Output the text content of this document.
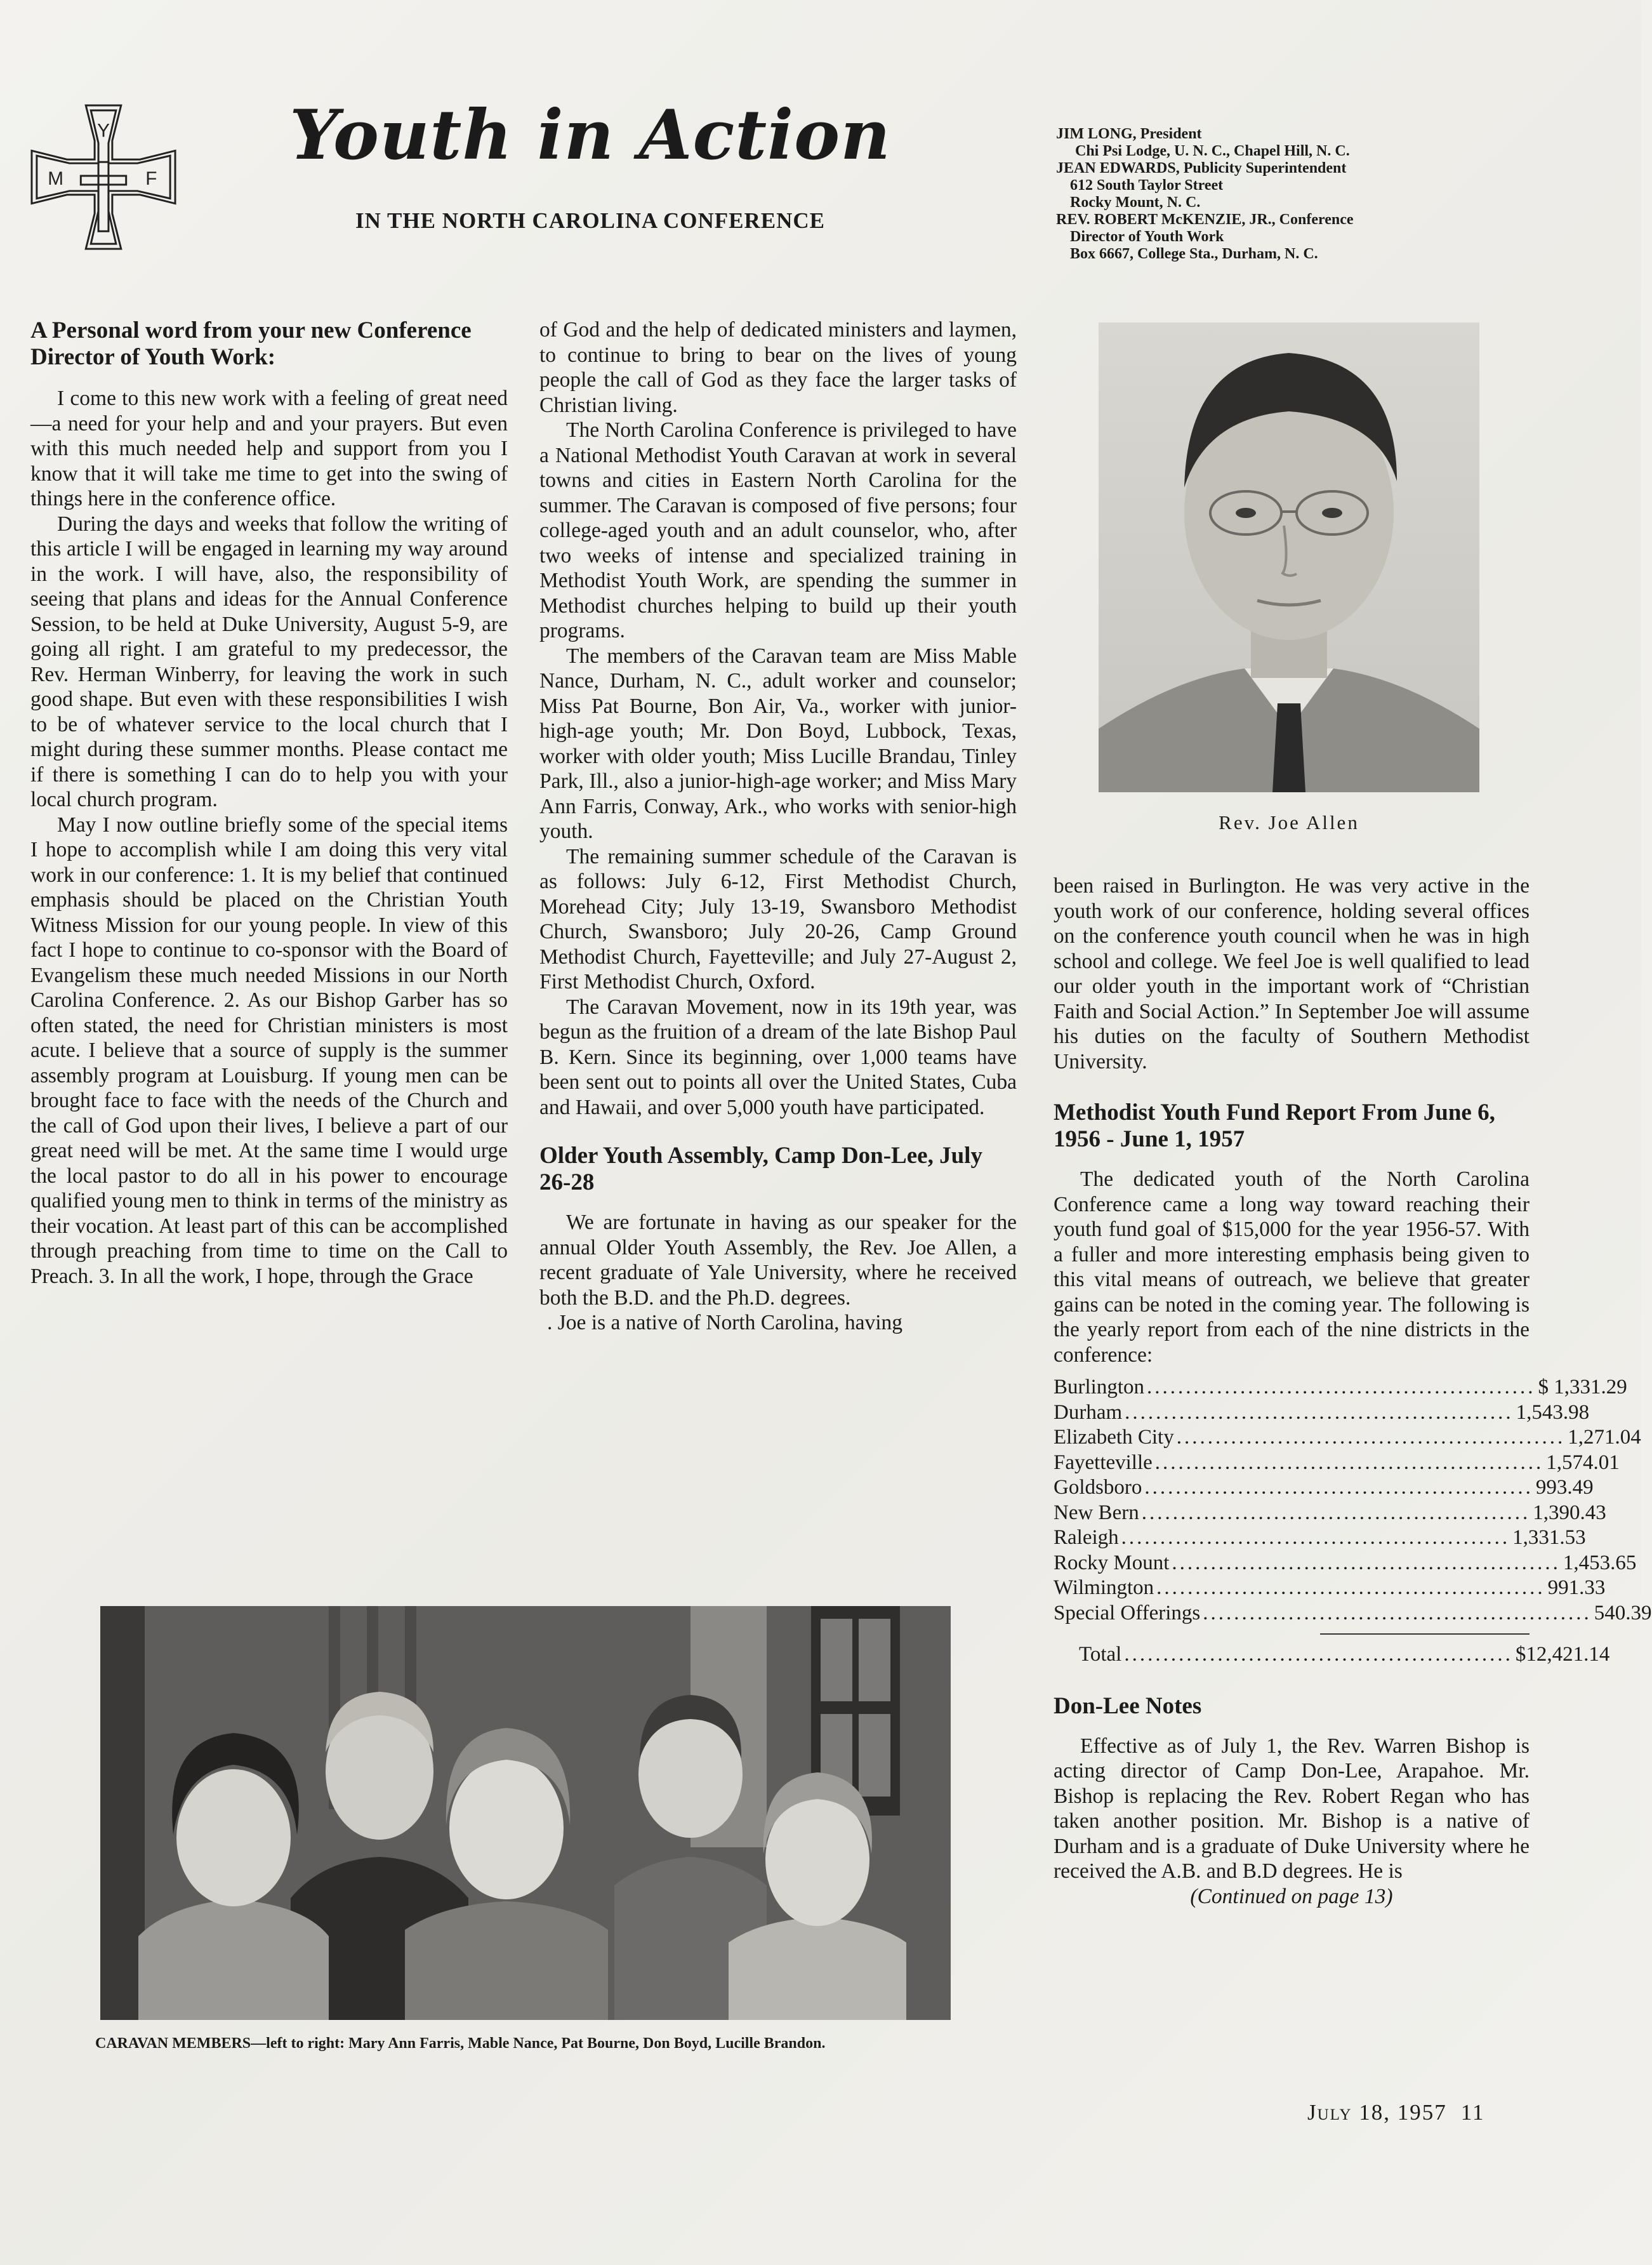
Y
M	F
Youth in Action
IN THE NORTH CAROLINA CONFERENCE
JIM LONG, President
Chi Psi Lodge, U. N. C., Chapel Hill, N. C.
JEAN EDWARDS, Publicity Superintendent
612 South Taylor Street
Rocky Mount, N. C.
REV. ROBERT McKENZIE, JR., Conference
Director of Youth Work
Box 6667, College Sta., Durham, N. C.
A Personal word from your new Conference Director of Youth Work:

I come to this new work with a feeling of great need—a need for your help and and your prayers. But even with this much needed help and support from you I know that it will take me time to get into the swing of things here in the conference office.

During the days and weeks that follow the writing of this article I will be engaged in learning my way around in the work. I will have, also, the responsibility of seeing that plans and ideas for the Annual Conference Session, to be held at Duke University, August 5-9, are going all right. I am grateful to my predecessor, the Rev. Herman Winberry, for leaving the work in such good shape. But even with these responsibilities I wish to be of whatever service to the local church that I might during these summer months. Please contact me if there is something I can do to help you with your local church program.

May I now outline briefly some of the special items I hope to accomplish while I am doing this very vital work in our conference: 1. It is my belief that continued emphasis should be placed on the Christian Youth Witness Mission for our young people. In view of this fact I hope to continue to co-sponsor with the Board of Evangelism these much needed Missions in our North Carolina Conference. 2. As our Bishop Garber has so often stated, the need for Christian ministers is most acute. I believe that a source of supply is the summer assembly program at Louisburg. If young men can be brought face to face with the needs of the Church and the call of God upon their lives, I believe a part of our great need will be met. At the same time I would urge the local pastor to do all in his power to encourage qualified young men to think in terms of the ministry as their vocation. At least part of this can be accomplished through preaching from time to time on the Call to Preach. 3. In all the work, I hope, through the Grace

of God and the help of dedicated ministers and laymen, to continue to bring to bear on the lives of young people the call of God as they face the larger tasks of Christian living.

The North Carolina Conference is privileged to have a National Methodist Youth Caravan at work in several towns and cities in Eastern North Carolina for the summer. The Caravan is composed of five persons; four college-aged youth and an adult counselor, who, after two weeks of intense and specialized training in Methodist Youth Work, are spending the summer in Methodist churches helping to build up their youth programs.

The members of the Caravan team are Miss Mable Nance, Durham, N. C., adult worker and counselor; Miss Pat Bourne, Bon Air, Va., worker with junior-high-age youth; Mr. Don Boyd, Lubbock, Texas, worker with older youth; Miss Lucille Brandau, Tinley Park, Ill., also a junior-high-age worker; and Miss Mary Ann Farris, Conway, Ark., who works with senior-high youth.

The remaining summer schedule of the Caravan is as follows: July 6-12, First Methodist Church, Morehead City; July 13-19, Swansboro Methodist Church, Swansboro; July 20-26, Camp Ground Methodist Church, Fayetteville; and July 27-August 2, First Methodist Church, Oxford.

The Caravan Movement, now in its 19th year, was begun as the fruition of a dream of the late Bishop Paul B. Kern. Since its beginning, over 1,000 teams have been sent out to points all over the United States, Cuba and Hawaii, and over 5,000 youth have participated.

Older Youth Assembly, Camp Don-Lee, July 26-28

We are fortunate in having as our speaker for the annual Older Youth Assembly, the Rev. Joe Allen, a recent graduate of Yale University, where he received both the B.D. and the Ph.D. degrees.

. Joe is a native of North Carolina, having

Rev. Joe Allen

been raised in Burlington. He was very active in the youth work of our conference, holding several offices on the conference youth council when he was in high school and college. We feel Joe is well qualified to lead our older youth in the important work of “Christian Faith and Social Action.” In September Joe will assume his duties on the faculty of Southern Methodist University.

Methodist Youth Fund Report From June 6, 1956 - June 1, 1957

The dedicated youth of the North Carolina Conference came a long way toward reaching their youth fund goal of $15,000 for the year 1956-57. With a fuller and more interesting emphasis being given to this vital means of outreach, we believe that greater gains can be noted in the coming year. The following is the yearly report from each of the nine districts in the conference:

Burlington .................................................. $ 1,331.29
Durham .................................................. 1,543.98
Elizabeth City .................................................. 1,271.04
Fayetteville .................................................. 1,574.01
Goldsboro .................................................. 993.49
New Bern .................................................. 1,390.43
Raleigh .................................................. 1,331.53
Rocky Mount .................................................. 1,453.65
Wilmington .................................................. 991.33
Special Offerings .................................................. 540.39
Total .................................................. $12,421.14
Don-Lee Notes

Effective as of July 1, the Rev. Warren Bishop is acting director of Camp Don-Lee, Arapahoe. Mr. Bishop is replacing the Rev. Robert Regan who has taken another position. Mr. Bishop is a native of Durham and is a graduate of Duke University where he received the A.B. and B.D degrees. He is

(Continued on page 13)
CARAVAN MEMBERS—left to right: Mary Ann Farris, Mable Nance, Pat Bourne, Don Boyd, Lucille Brandon.
July 18, 1957 11
